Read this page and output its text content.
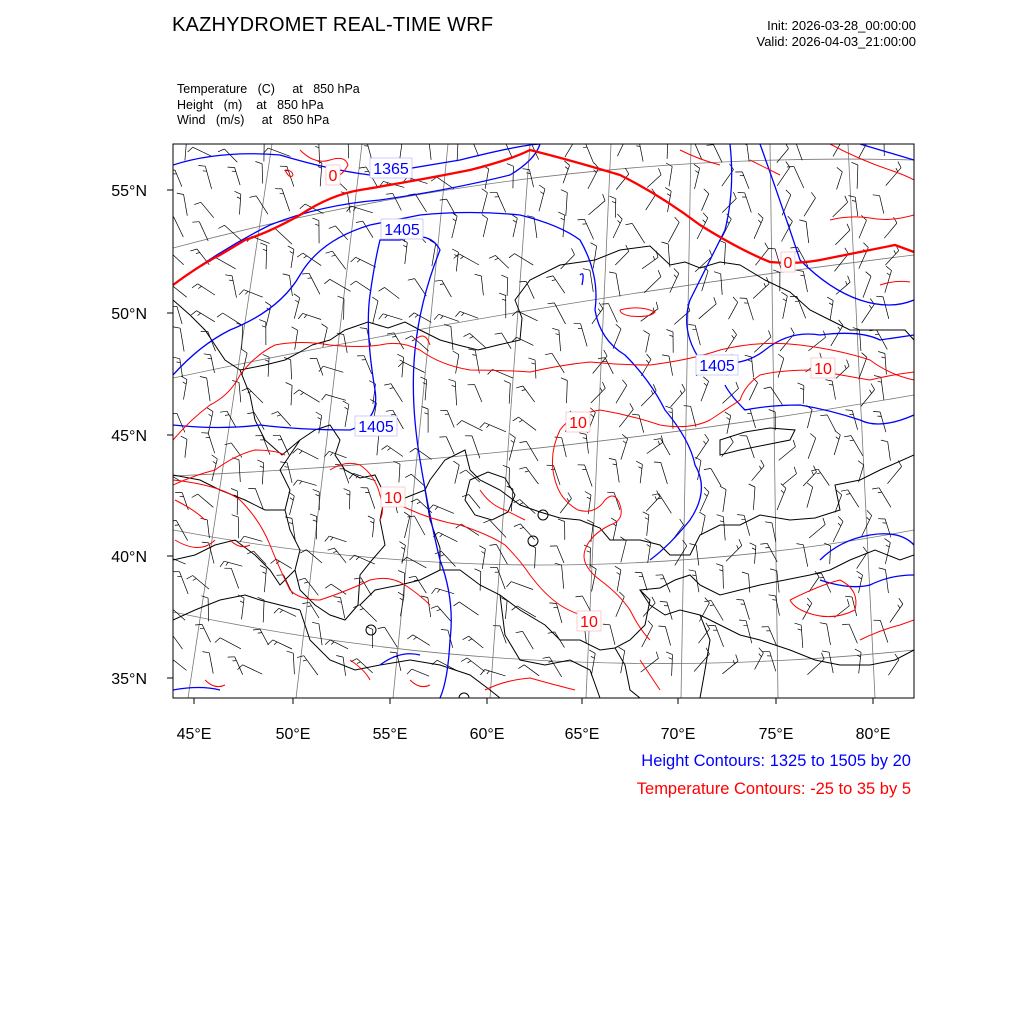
KAZHYDROMET REAL-TIME WRF	Init: 2026-03-28_00:00:00
Valid: 2026-04-03_21:00:00
Temperature (C)     at   850 hPa
Height (m)    at   850 hPa
Wind (m/s)     at   850 hPa
1365
1405
1405
1405
0
0
10
10
10
10
55°N
50°N
45°N
40°N
35°N
45°E	50°E	55°E	60°E	65°E	70°E	75°E	80°E
Height Contours: 1325 to 1505 by 20
Temperature Contours: -25 to 35 by 5
